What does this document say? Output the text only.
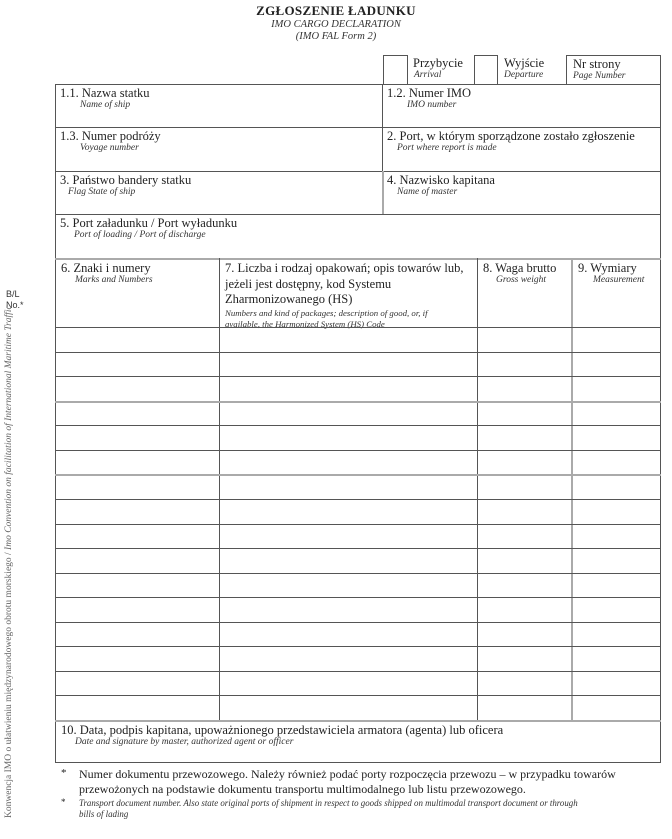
ZGŁOSZENIE ŁADUNKU
IMO CARGO DECLARATION
(IMO FAL Form 2)
Przybycie
Arrival
Wyjście
Departure
Nr strony
Page Number
1.1. Nazwa statku
Name of ship
1.2. Numer IMO
IMO number
1.3. Numer podróży
Voyage number
2. Port, w którym sporządzone zostało zgłoszenie
Port where report is made
3. Państwo bandery statku
Flag State of ship
4. Nazwisko kapitana
Name of master
5. Port załadunku / Port wyładunku
Port of loading / Port of discharge
6. Znaki i numery
Marks and Numbers
7. Liczba i rodzaj opakowań; opis towarów lub,
jeżeli jest dostępny, kod Systemu
Zharmonizowanego (HS)
Numbers and kind of packages; description of good, or, if
available, the Harmonized System (HS) Code
8. Waga brutto
Gross weight
9. Wymiary
Measurement
10. Data, podpis kapitana, upoważnionego przedstawiciela armatora (agenta) lub oficera
Date and signature by master, authorized agent or officer
B/L
No.*
Konwencja IMO o ułatwieniu międzynarodowego obrotu morskiego / Imo Convention on facilitation of International Maritime Traffic
* Numer dokumentu przewozowego. Należy również podać porty rozpoczęcia przewozu – w przypadku towarów
przewożonych na podstawie dokumentu transportu multimodalnego lub listu przewozowego.
* Transport document number. Also state original ports of shipment in respect to goods shipped on multimodal transport document or through
bills of lading
